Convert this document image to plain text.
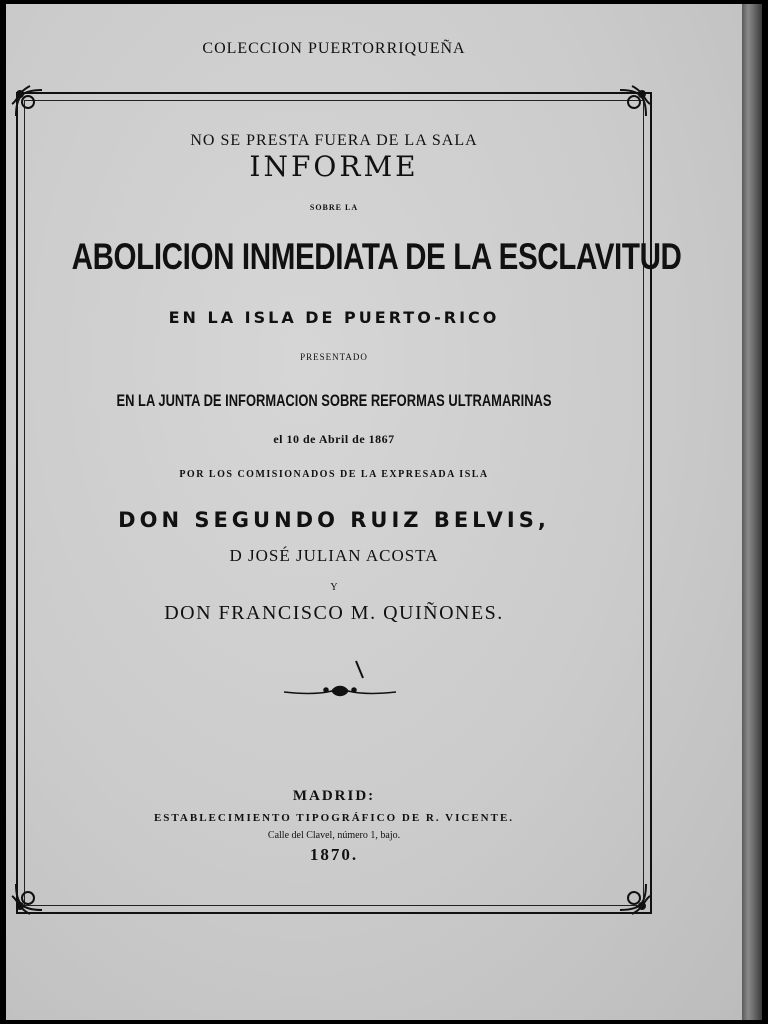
COLECCION PUERTORRIQUEÑA
NO SE PRESTA FUERA DE LA SALA
INFORME
SOBRE LA
ABOLICION INMEDIATA DE LA ESCLAVITUD
EN LA ISLA DE PUERTO-RICO
PRESENTADO
EN LA JUNTA DE INFORMACION SOBRE REFORMAS ULTRAMARINAS
el 10 de Abril de 1867
POR LOS COMISIONADOS DE LA EXPRESADA ISLA
DON SEGUNDO RUIZ BELVIS,
D JOSÉ JULIAN ACOSTA
Y
DON FRANCISCO M. QUIÑONES.
MADRID:
ESTABLECIMIENTO TIPOGRÁFICO DE R. VICENTE.
Calle del Clavel, número 1, bajo.
1870.
